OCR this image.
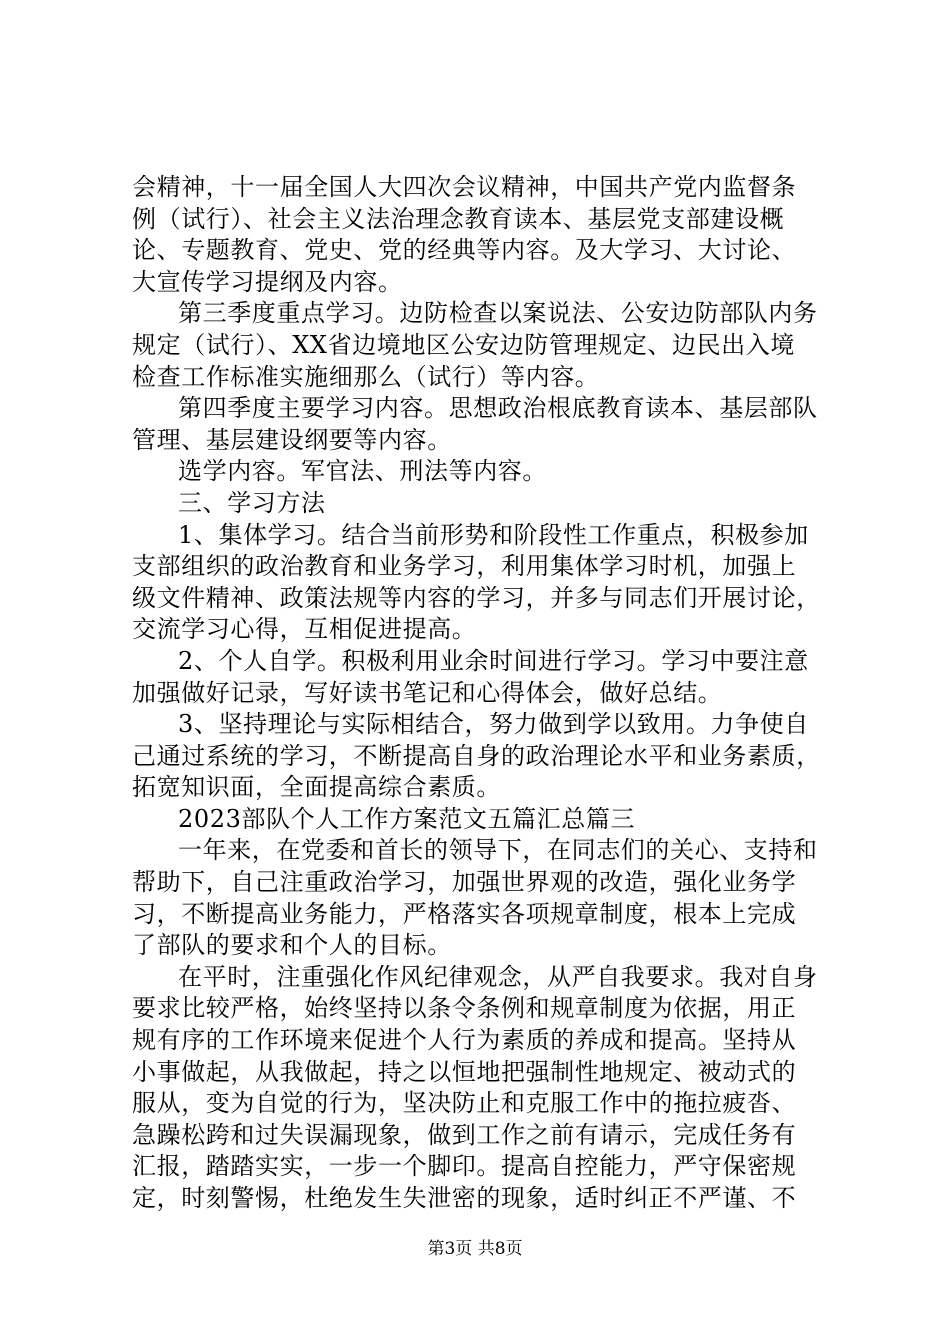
会精神，十一届全国人大四次会议精神，中国共产党内监督条
例（试行）、社会主义法治理念教育读本、基层党支部建设概
论、专题教育、党史、党的经典等内容。及大学习、大讨论、
大宣传学习提纲及内容。
第三季度重点学习。边防检查以案说法、公安边防部队内务
规定（试行）、XX省边境地区公安边防管理规定、边民出入境
检查工作标准实施细那么（试行）等内容。
第四季度主要学习内容。思想政治根底教育读本、基层部队
管理、基层建设纲要等内容。
选学内容。军官法、刑法等内容。
三、学习方法
1、集体学习。结合当前形势和阶段性工作重点，积极参加
支部组织的政治教育和业务学习，利用集体学习时机，加强上
级文件精神、政策法规等内容的学习，并多与同志们开展讨论，
交流学习心得，互相促进提高。
2、个人自学。积极利用业余时间进行学习。学习中要注意
加强做好记录，写好读书笔记和心得体会，做好总结。
3、坚持理论与实际相结合，努力做到学以致用。力争使自
己通过系统的学习，不断提高自身的政治理论水平和业务素质，
拓宽知识面，全面提高综合素质。
2023部队个人工作方案范文五篇汇总篇三
一年来，在党委和首长的领导下，在同志们的关心、支持和
帮助下，自己注重政治学习，加强世界观的改造，强化业务学
习，不断提高业务能力，严格落实各项规章制度，根本上完成
了部队的要求和个人的目标。
在平时，注重强化作风纪律观念，从严自我要求。我对自身
要求比较严格，始终坚持以条令条例和规章制度为依据，用正
规有序的工作环境来促进个人行为素质的养成和提高。坚持从
小事做起，从我做起，持之以恒地把强制性地规定、被动式的
服从，变为自觉的行为，坚决防止和克服工作中的拖拉疲沓、
急躁松跨和过失误漏现象，做到工作之前有请示，完成任务有
汇报，踏踏实实，一步一个脚印。提高自控能力，严守保密规
定，时刻警惕，杜绝发生失泄密的现象，适时纠正不严谨、不
第3页 共8页
